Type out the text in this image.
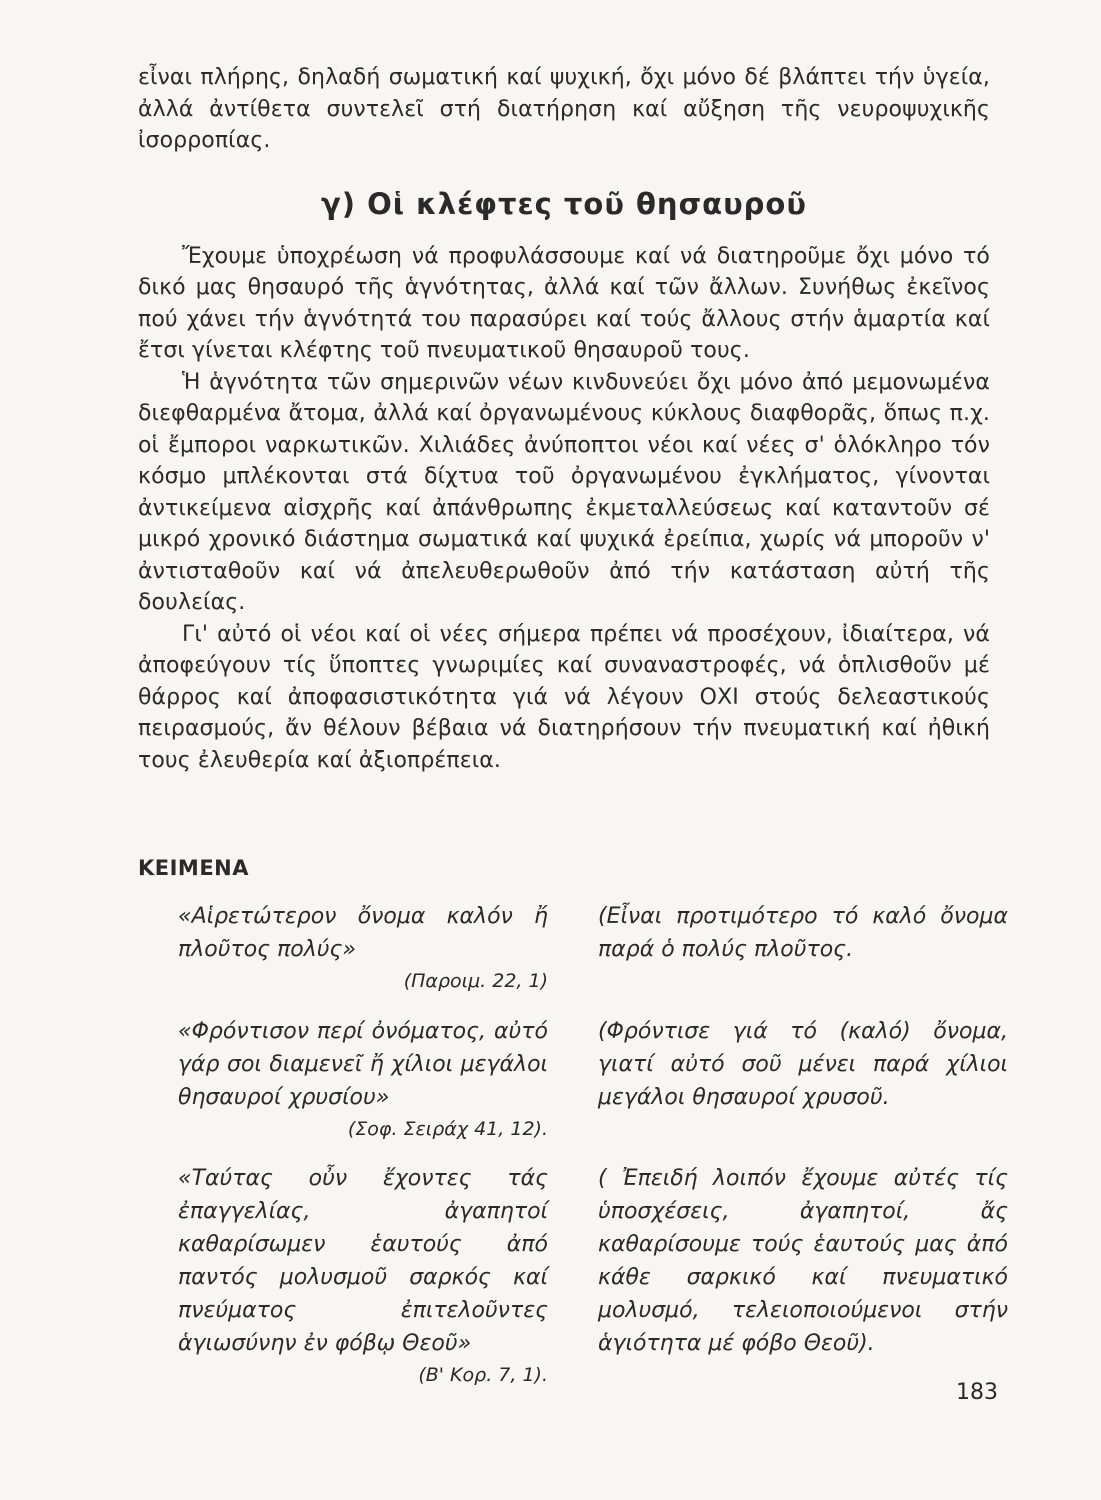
εἶναι πλήρης, δηλαδή σωματική καί ψυχική, ὄχι μόνο δέ βλάπτει τήν ὑγεία, ἀλλά ἀντίθετα συντελεῖ στή διατήρηση καί αὔξηση τῆς νευροψυχικῆς ἰσορροπίας.

γ) Οἱ κλέφτες τοῦ θησαυροῦ

Ἔχουμε ὑποχρέωση νά προφυλάσσουμε καί νά διατηροῦμε ὄχι μόνο τό δικό μας θησαυρό τῆς ἁγνότητας, ἀλλά καί τῶν ἄλλων. Συνήθως ἐκεῖνος πού χάνει τήν ἁγνότητά του παρασύρει καί τούς ἄλλους στήν ἁμαρτία καί ἔτσι γίνεται κλέφτης τοῦ πνευματικοῦ θησαυροῦ τους.

Ἡ ἁγνότητα τῶν σημερινῶν νέων κινδυνεύει ὄχι μόνο ἀπό μεμονωμένα διεφθαρμένα ἄτομα, ἀλλά καί ὀργανωμένους κύκλους διαφθορᾶς, ὅπως π.χ. οἱ ἔμποροι ναρκωτικῶν. Χιλιάδες ἀνύποπτοι νέοι καί νέες σ' ὁλόκληρο τόν κόσμο μπλέκονται στά δίχτυα τοῦ ὀργανωμένου ἐγκλήματος, γίνονται ἀντικείμενα αἰσχρῆς καί ἀπάνθρωπης ἐκμεταλλεύσεως καί καταντοῦν σέ μικρό χρονικό διάστημα σωματικά καί ψυχικά ἐρείπια, χωρίς νά μποροῦν ν' ἀντισταθοῦν καί νά ἀπελευθερωθοῦν ἀπό τήν κατάσταση αὐτή τῆς δουλείας.

Γι' αὐτό οἱ νέοι καί οἱ νέες σήμερα πρέπει νά προσέχουν, ἰδιαίτερα, νά ἀποφεύγουν τίς ὕποπτες γνωριμίες καί συναναστροφές, νά ὁπλισθοῦν μέ θάρρος καί ἀποφασιστικότητα γιά νά λέγουν ΟΧΙ στούς δελεαστικούς πειρασμούς, ἄν θέλουν βέβαια νά διατηρήσουν τήν πνευματική καί ἠθική τους ἐλευθερία καί ἀξιοπρέπεια.

ΚΕΙΜΕΝΑ
«Αἱρετώτερον ὄνομα καλόν ἤ πλοῦτος πολύς»
(Παροιμ. 22, 1)
(Εἶναι προτιμότερο τό καλό ὄνομα παρά ὁ πολύς πλοῦτος.
«Φρόντισον περί ὀνόματος, αὐτό γάρ σοι διαμενεῖ ἤ χίλιοι μεγάλοι θησαυροί χρυσίου»
(Σοφ. Σειράχ 41, 12).
(Φρόντισε γιά τό (καλό) ὄνομα, γιατί αὐτό σοῦ μένει παρά χίλιοι μεγάλοι θησαυροί χρυσοῦ.
«Ταύτας οὖν ἔχοντες τάς ἐπαγγελίας, ἀγαπητοί καθαρίσωμεν ἑαυτούς ἀπό παντός μολυσμοῦ σαρκός καί πνεύματος ἐπιτελοῦντες ἁγιωσύνην ἐν φόβῳ Θεοῦ»
(Β' Κορ. 7, 1).
( Ἐπειδή λοιπόν ἔχουμε αὐτές τίς ὑποσχέσεις, ἀγαπητοί, ἄς καθαρίσουμε τούς ἑαυτούς μας ἀπό κάθε σαρκικό καί πνευματικό μολυσμό, τελειοποιούμενοι στήν ἁγιότητα μέ φόβο Θεοῦ).
183
